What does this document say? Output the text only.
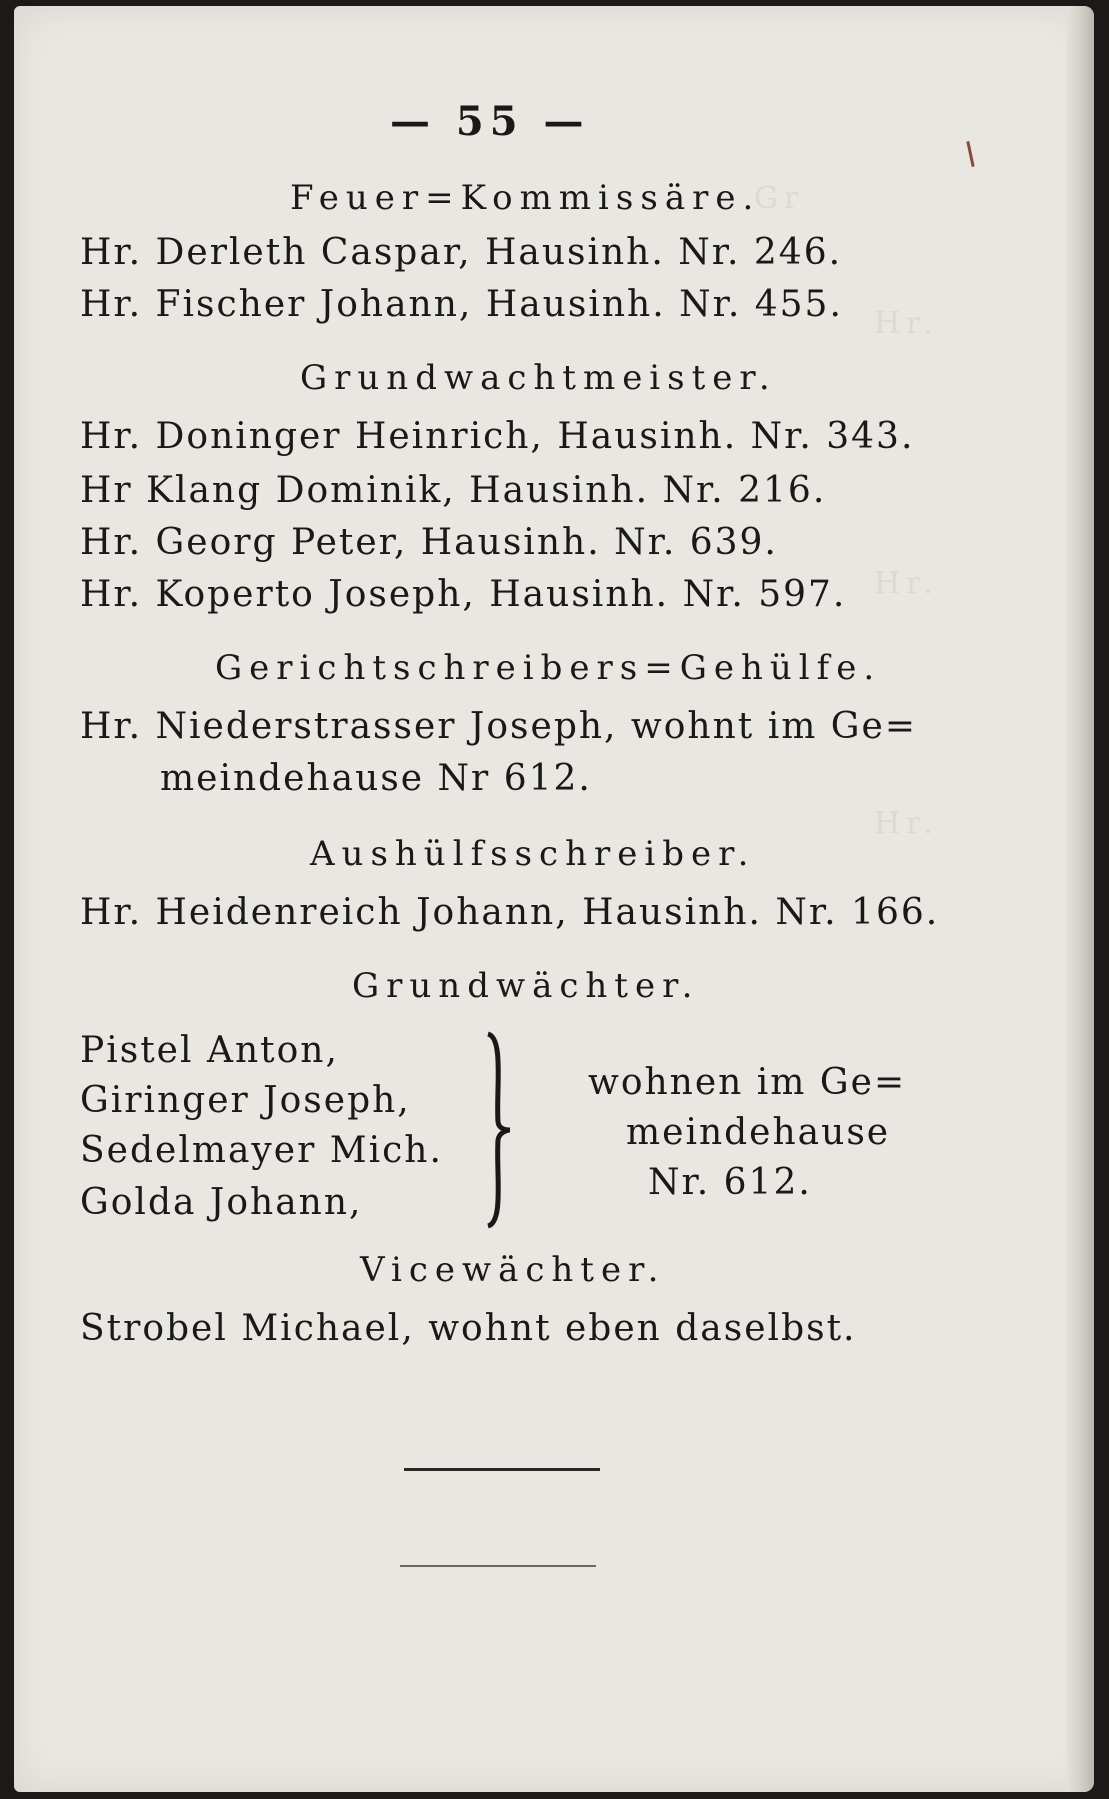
Gr
Hr.
Hr.
Hr.
— 55 —
Feuer=Kommissäre.
Hr. Derleth Caspar, Hausinh. Nr. 246.
Hr. Fischer Johann, Hausinh. Nr. 455.
Grundwachtmeister.
Hr. Doninger Heinrich, Hausinh. Nr. 343.
Hr Klang Dominik, Hausinh. Nr. 216.
Hr. Georg Peter, Hausinh. Nr. 639.
Hr. Koperto Joseph, Hausinh. Nr. 597.
Gerichtschreibers=Gehülfe.
Hr. Niederstrasser Joseph, wohnt im Ge=
meindehause Nr 612.
Aushülfsschreiber.
Hr. Heidenreich Johann, Hausinh. Nr. 166.
Grundwächter.
Pistel Anton,
Giringer Joseph,
Sedelmayer Mich.
Golda Johann,
wohnen im Ge=
meindehause
Nr. 612.
Vicewächter.
Strobel Michael, wohnt eben daselbst.
